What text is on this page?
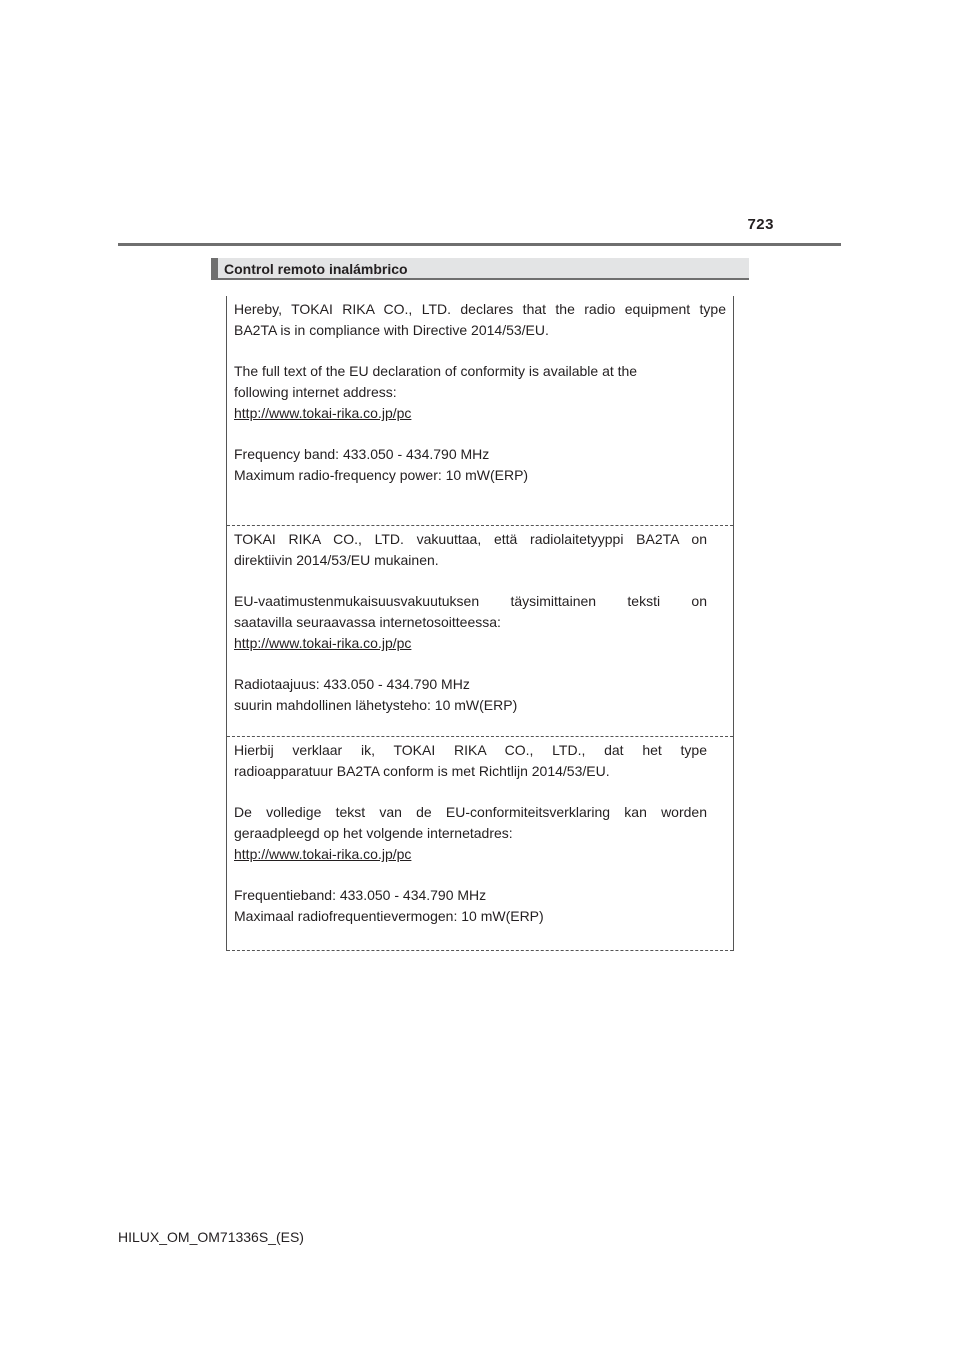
723
Control remoto inalámbrico

Hereby, TOKAI RIKA CO., LTD. declares that the radio equipment type
BA2TA is in compliance with Directive 2014/53/EU.

The full text of the EU declaration of conformity is available at the
following internet address:
http://www.tokai-rika.co.jp/pc

Frequency band: 433.050 - 434.790 MHz
Maximum radio-frequency power: 10 mW(ERP)

TOKAI RIKA CO., LTD. vakuuttaa, että radiolaitetyyppi BA2TA on
direktiivin 2014/53/EU mukainen.

EU-vaatimustenmukaisuusvakuutuksen täysimittainen teksti on
saatavilla seuraavassa internetosoitteessa:
http://www.tokai-rika.co.jp/pc

Radiotaajuus: 433.050 - 434.790 MHz
suurin mahdollinen lähetysteho: 10 mW(ERP)

Hierbij verklaar ik, TOKAI RIKA CO., LTD., dat het type
radioapparatuur BA2TA conform is met Richtlijn 2014/53/EU.

De volledige tekst van de EU-conformiteitsverklaring kan worden
geraadpleegd op het volgende internetadres:
http://www.tokai-rika.co.jp/pc

Frequentieband: 433.050 - 434.790 MHz
Maximaal radiofrequentievermogen: 10 mW(ERP)

HILUX_OM_OM71336S_(ES)
